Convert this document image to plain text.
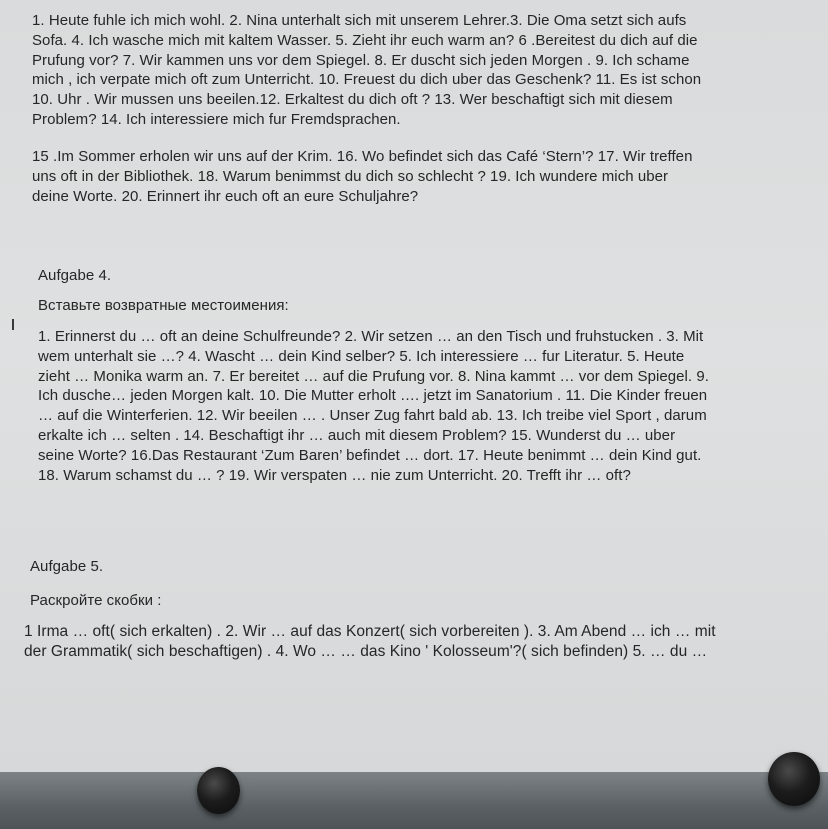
1. Heute fuhle ich mich wohl. 2. Nina unterhalt sich mit unserem Lehrer.3. Die Oma setzt sich aufs
Sofa. 4. Ich wasche mich mit kaltem Wasser. 5. Zieht ihr euch warm an? 6 .Bereitest du dich auf die
Prufung vor? 7. Wir kammen uns vor dem Spiegel. 8. Er duscht sich jeden Morgen . 9. Ich schame
mich , ich verpate mich oft zum Unterricht. 10. Freuest du dich uber das Geschenk? 11. Es ist schon
10. Uhr . Wir mussen uns beeilen.12. Erkaltest du dich oft ? 13. Wer beschaftigt sich mit diesem
Problem? 14. Ich interessiere mich fur Fremdsprachen.
15 .Im Sommer erholen wir uns auf der Krim. 16. Wo befindet sich das Café ‘Stern’? 17. Wir treffen
uns oft in der Bibliothek. 18. Warum benimmst du dich so schlecht ? 19. Ich wundere mich uber
deine Worte. 20. Erinnert ihr euch oft an eure Schuljahre?
Aufgabe 4.
Вставьте возвратные местоимения:
1. Erinnerst du … oft an deine Schulfreunde? 2. Wir setzen … an den Tisch und fruhstucken . 3. Mit
wem unterhalt sie …? 4. Wascht … dein Kind selber? 5. Ich interessiere … fur Literatur. 5. Heute
zieht … Monika warm an. 7. Er bereitet … auf die Prufung vor. 8. Nina kammt … vor dem Spiegel. 9.
Ich dusche… jeden Morgen kalt. 10. Die Mutter erholt …. jetzt im Sanatorium . 11. Die Kinder freuen
… auf die Winterferien. 12. Wir beeilen … . Unser Zug fahrt bald ab. 13. Ich treibe viel Sport , darum
erkalte ich … selten . 14. Beschaftigt ihr … auch mit diesem Problem? 15. Wunderst du … uber
seine Worte? 16.Das Restaurant ‘Zum Baren’ befindet … dort. 17. Heute benimmt … dein Kind gut.
18. Warum schamst du … ? 19. Wir verspaten … nie zum Unterricht. 20. Trefft ihr … oft?
Aufgabe 5.
Раскройте скобки :
1 Irma … oft( sich erkalten) . 2. Wir … auf das Konzert( sich vorbereiten ). 3. Am Abend … ich … mit
der Grammatik( sich beschaftigen) . 4. Wo … … das Kino ' Kolosseum'?( sich befinden) 5. … du …
